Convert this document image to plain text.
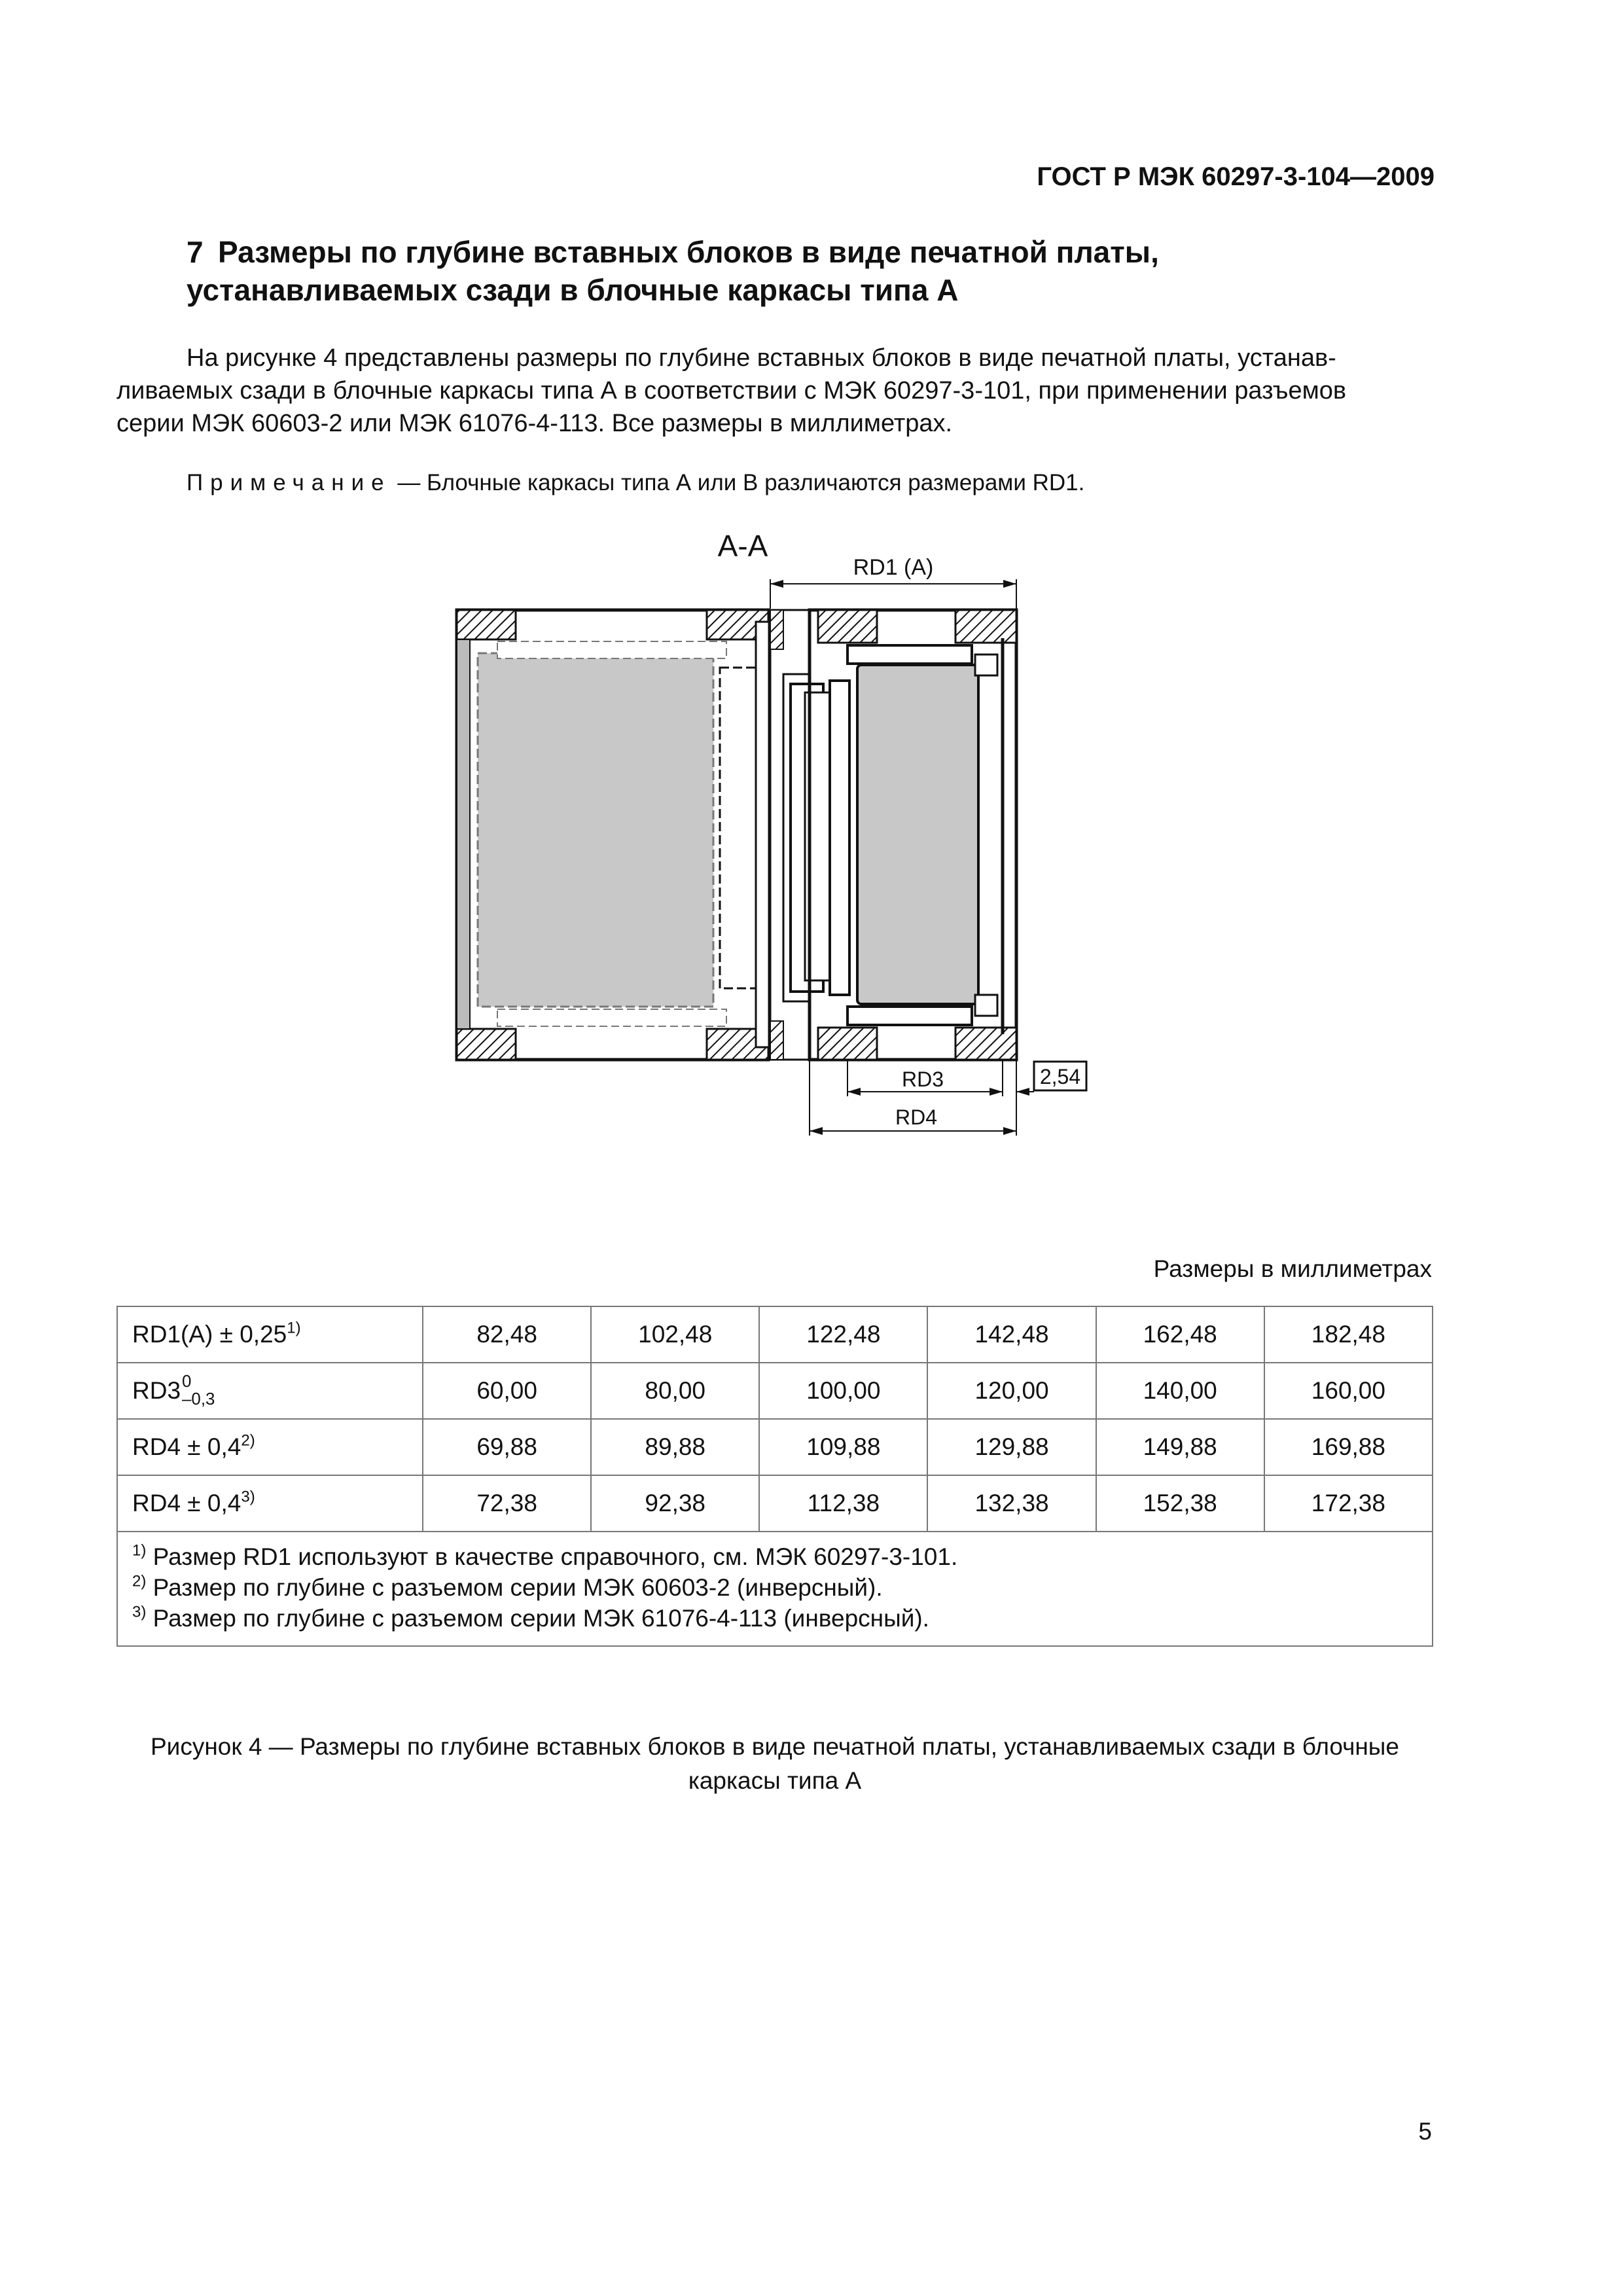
ГОСТ Р МЭК 60297-3-104—2009
7 Размеры по глубине вставных блоков в виде печатной платы,
устанавливаемых сзади в блочные каркасы типа А
На рисунке 4 представлены размеры по глубине вставных блоков в виде печатной платы, устанав-
ливаемых сзади в блочные каркасы типа А в соответствии с МЭК 60297-3-101, при применении разъемов
серии МЭК 60603-2 или МЭК 61076-4-113. Все размеры в миллиметрах.
Примечание — Блочные каркасы типа А или В различаются размерами RD1.
А-А
RD1 (A)
RD3	2,54
RD4
Размеры в миллиметрах
$RD1(А) \pm 0,25^{1)}$	82,48	102,48	122,48	142,48	162,48	182,48

RD3 0
–0,3	60,00	80,00	100,00	120,00	140,00	160,00
$RD4 \pm 0,4^{2)}$	69,88	89,88	109,88	129,88	149,88	169,88
$RD4 \pm 0,4^{3)}$	72,38	92,38	112,38	132,38	152,38	172,38

$^{1)}$ Размер RD1 используют в качестве справочного, см. МЭК 60297-3-101.
$^{2)}$ Размер по глубине с разъемом серии МЭК 60603-2 (инверсный).
$^{3)}$ Размер по глубине с разъемом серии МЭК 61076-4-113 (инверсный).						
Рисунок 4 — Размеры по глубине вставных блоков в виде печатной платы, устанавливаемых сзади в блочные
каркасы типа А
5
